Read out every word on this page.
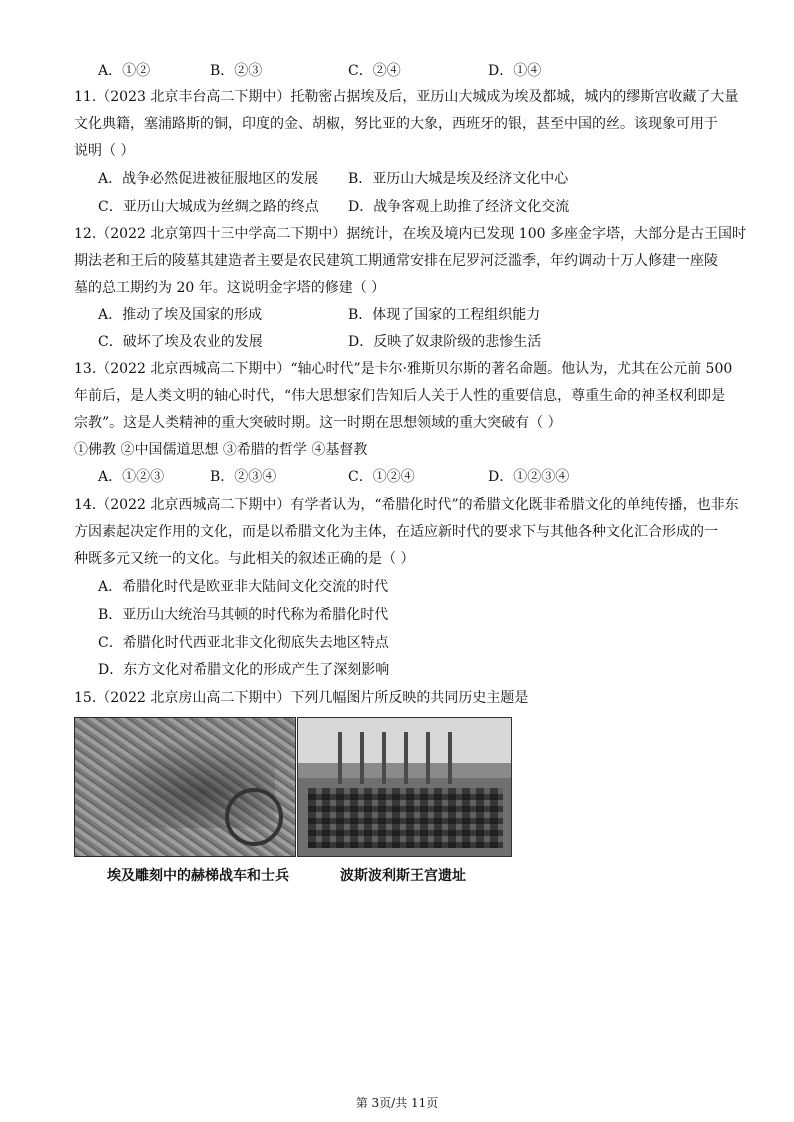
A．①②	B．②③	C．②④	D．①④
11.（2023 北京丰台高二下期中）托勒密占据埃及后，亚历山大城成为埃及都城，城内的缪斯宫收藏了大量
文化典籍，塞浦路斯的铜，印度的金、胡椒，努比亚的大象，西班牙的银，甚至中国的丝。该现象可用于
说明（ ）
A．战争必然促进被征服地区的发展 B．亚历山大城是埃及经济文化中心
C．亚历山大城成为丝绸之路的终点 D．战争客观上助推了经济文化交流
12.（2022 北京第四十三中学高二下期中）据统计，在埃及境内已发现 100 多座金字塔，大部分是古王国时
期法老和王后的陵墓其建造者主要是农民建筑工期通常安排在尼罗河泛滥季，年约调动十万人修建一座陵
墓的总工期约为 20 年。这说明金字塔的修建（ ）
A．推动了埃及国家的形成	B．体现了国家的工程组织能力
C．破坏了埃及农业的发展	D．反映了奴隶阶级的悲惨生活
13.（2022 北京西城高二下期中）“轴心时代”是卡尔·雅斯贝尔斯的著名命题。他认为，尤其在公元前 500
年前后，是人类文明的轴心时代，“伟大思想家们告知后人关于人性的重要信息，尊重生命的神圣权利即是
宗教”。这是人类精神的重大突破时期。这一时期在思想领域的重大突破有（ ）
①佛教 ②中国儒道思想 ③希腊的哲学 ④基督教
A．①②③	B．②③④	C．①②④	D．①②③④
14.（2022 北京西城高二下期中）有学者认为，“希腊化时代”的希腊文化既非希腊文化的单纯传播，也非东
方因素起决定作用的文化，而是以希腊文化为主体，在适应新时代的要求下与其他各种文化汇合形成的一
种既多元又统一的文化。与此相关的叙述正确的是（ ）
A．希腊化时代是欧亚非大陆间文化交流的时代
B．亚历山大统治马其顿的时代称为希腊化时代
C．希腊化时代西亚北非文化彻底失去地区特点
D．东方文化对希腊文化的形成产生了深刻影响
15.（2022 北京房山高二下期中）下列几幅图片所反映的共同历史主题是
埃及雕刻中的赫梯战车和士兵	波斯波利斯王宫遗址
第 3页/共 11页
